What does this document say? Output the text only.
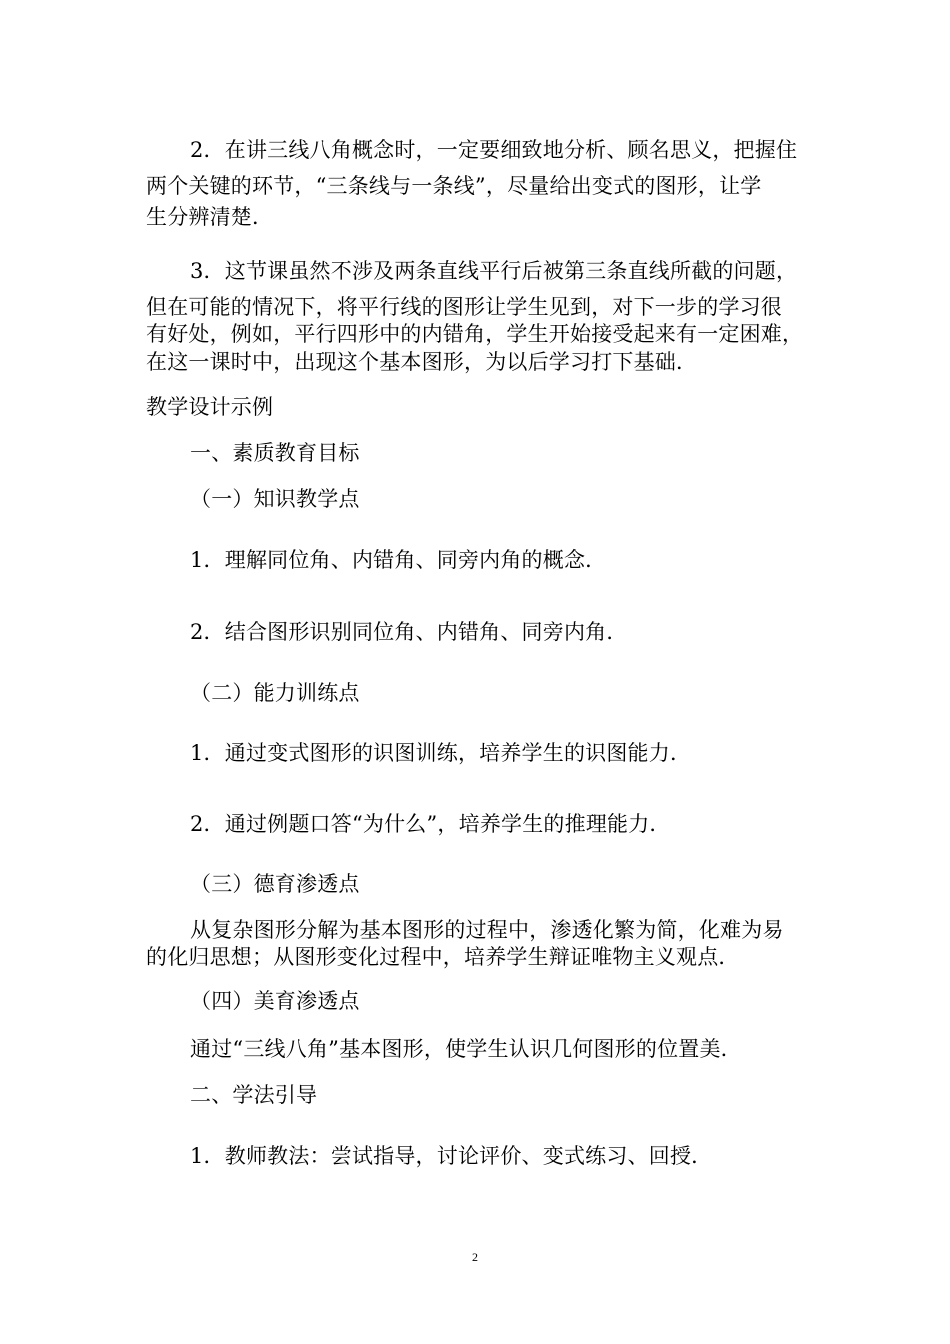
2．在讲三线八角概念时，一定要细致地分析、顾名思义，把握住
两个关键的环节，“三条线与一条线”，尽量给出变式的图形，让学
生分辨清楚．
3．这节课虽然不涉及两条直线平行后被第三条直线所截的问题，
但在可能的情况下，将平行线的图形让学生见到，对下一步的学习很
有好处，例如，平行四形中的内错角，学生开始接受起来有一定困难，
在这一课时中，出现这个基本图形，为以后学习打下基础．
教学设计示例
一、素质教育目标
（一）知识教学点
1．理解同位角、内错角、同旁内角的概念．
2．结合图形识别同位角、内错角、同旁内角．
（二）能力训练点
1．通过变式图形的识图训练，培养学生的识图能力．
2．通过例题口答“为什么”，培养学生的推理能力．
（三）德育渗透点
从复杂图形分解为基本图形的过程中，渗透化繁为简，化难为易
的化归思想；从图形变化过程中，培养学生辩证唯物主义观点．
（四）美育渗透点
通过“三线八角”基本图形，使学生认识几何图形的位置美．
二、学法引导
1．教师教法：尝试指导，讨论评价、变式练习、回授．
2
